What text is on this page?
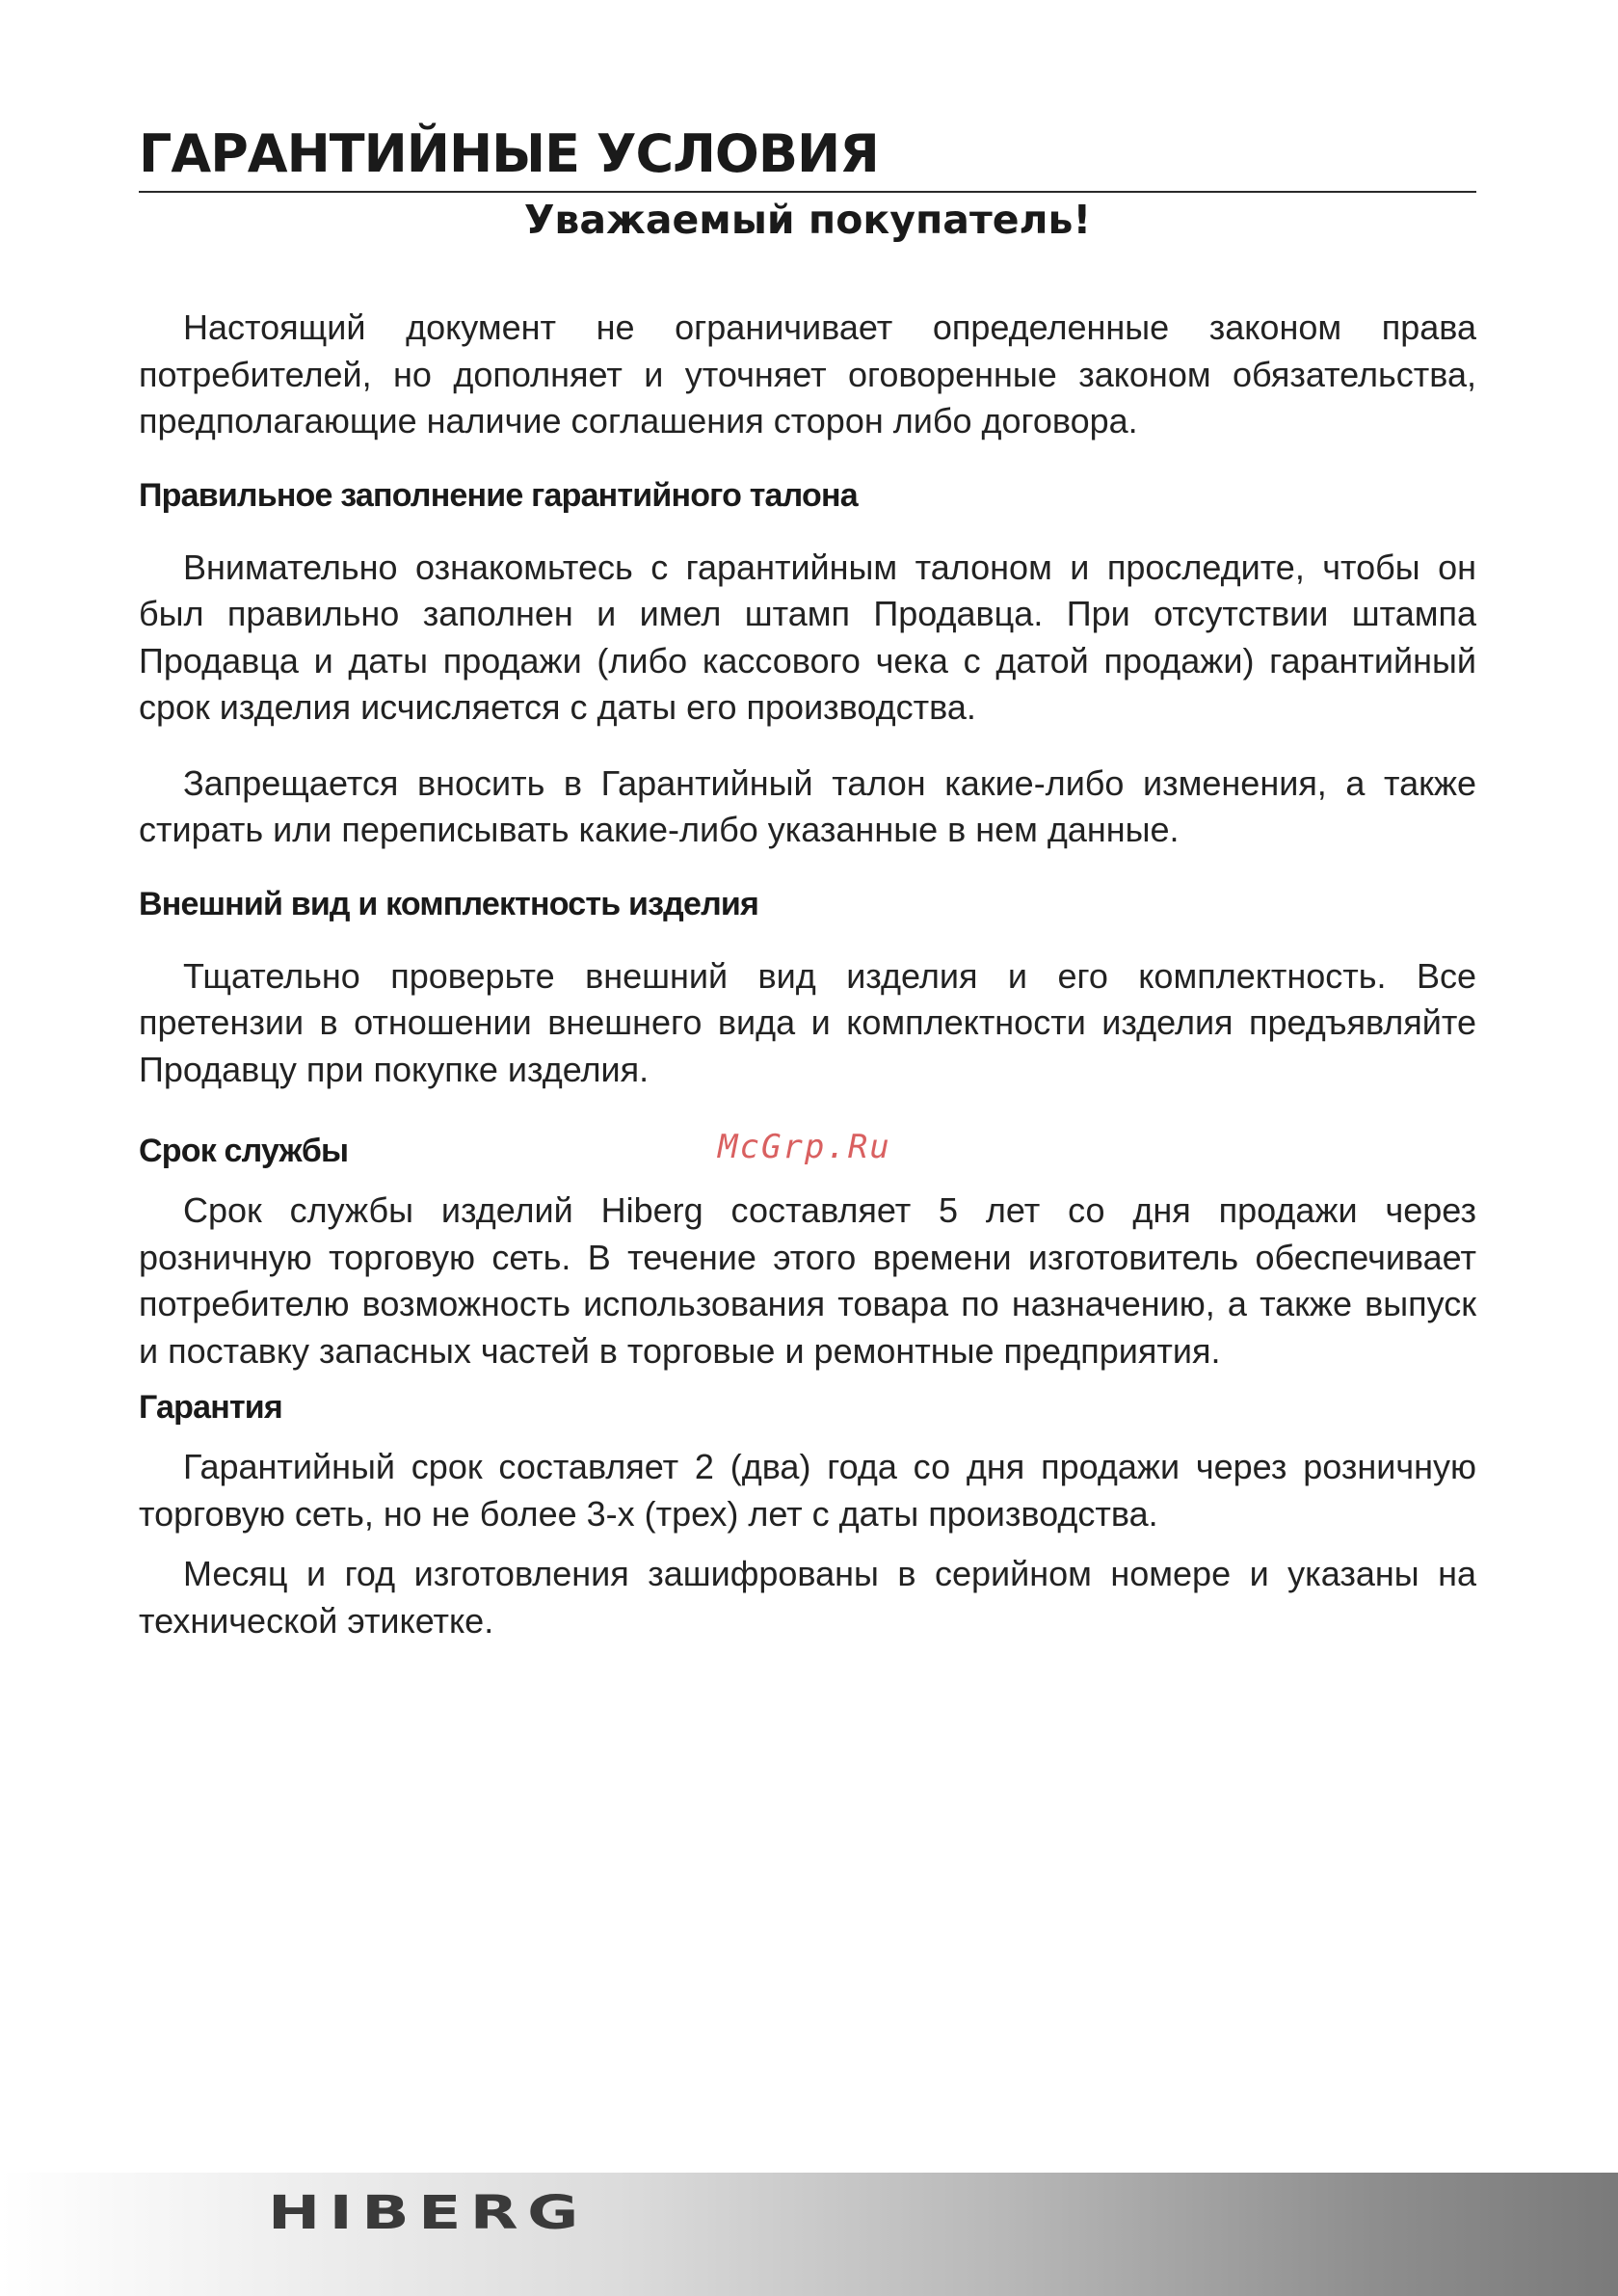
ГАРАНТИЙНЫЕ УСЛОВИЯ
Уважаемый покупатель!

Настоящий документ не ограничивает определенные законом права потребителей, но дополняет и уточняет оговоренные законом обязательства, предполагающие наличие соглашения сторон либо договора.

Правильное заполнение гарантийного талона

Внимательно ознакомьтесь с гарантийным талоном и проследите, чтобы он был правильно заполнен и имел штамп Продавца. При отсутствии штампа Продавца и даты продажи (либо кассового чека с датой продажи) гарантийный срок изделия исчисляется с даты его производства.

Запрещается вносить в Гарантийный талон какие-либо изменения, а также стирать или переписывать какие-либо указанные в нем данные.

Внешний вид и комплектность изделия

Тщательно проверьте внешний вид изделия и его комплектность. Все претензии в отношении внешнего вида и комплектности изделия предъявляйте Продавцу при покупке изделия.

Срок службы

Срок службы изделий Hiberg составляет 5 лет со дня продажи через розничную торговую сеть. В течение этого времени изготовитель обеспечивает потребителю возможность использования товара по назначению, а также выпуск и поставку запасных частей в торговые и ремонтные предприятия.

Гарантия

Гарантийный срок составляет 2 (два) года со дня продажи через розничную торговую сеть, но не более 3-х (трех) лет с даты производства.

Месяц и год изготовления зашифрованы в серийном номере и указаны на технической этикетке.

McGrp.Ru
HIBERG
